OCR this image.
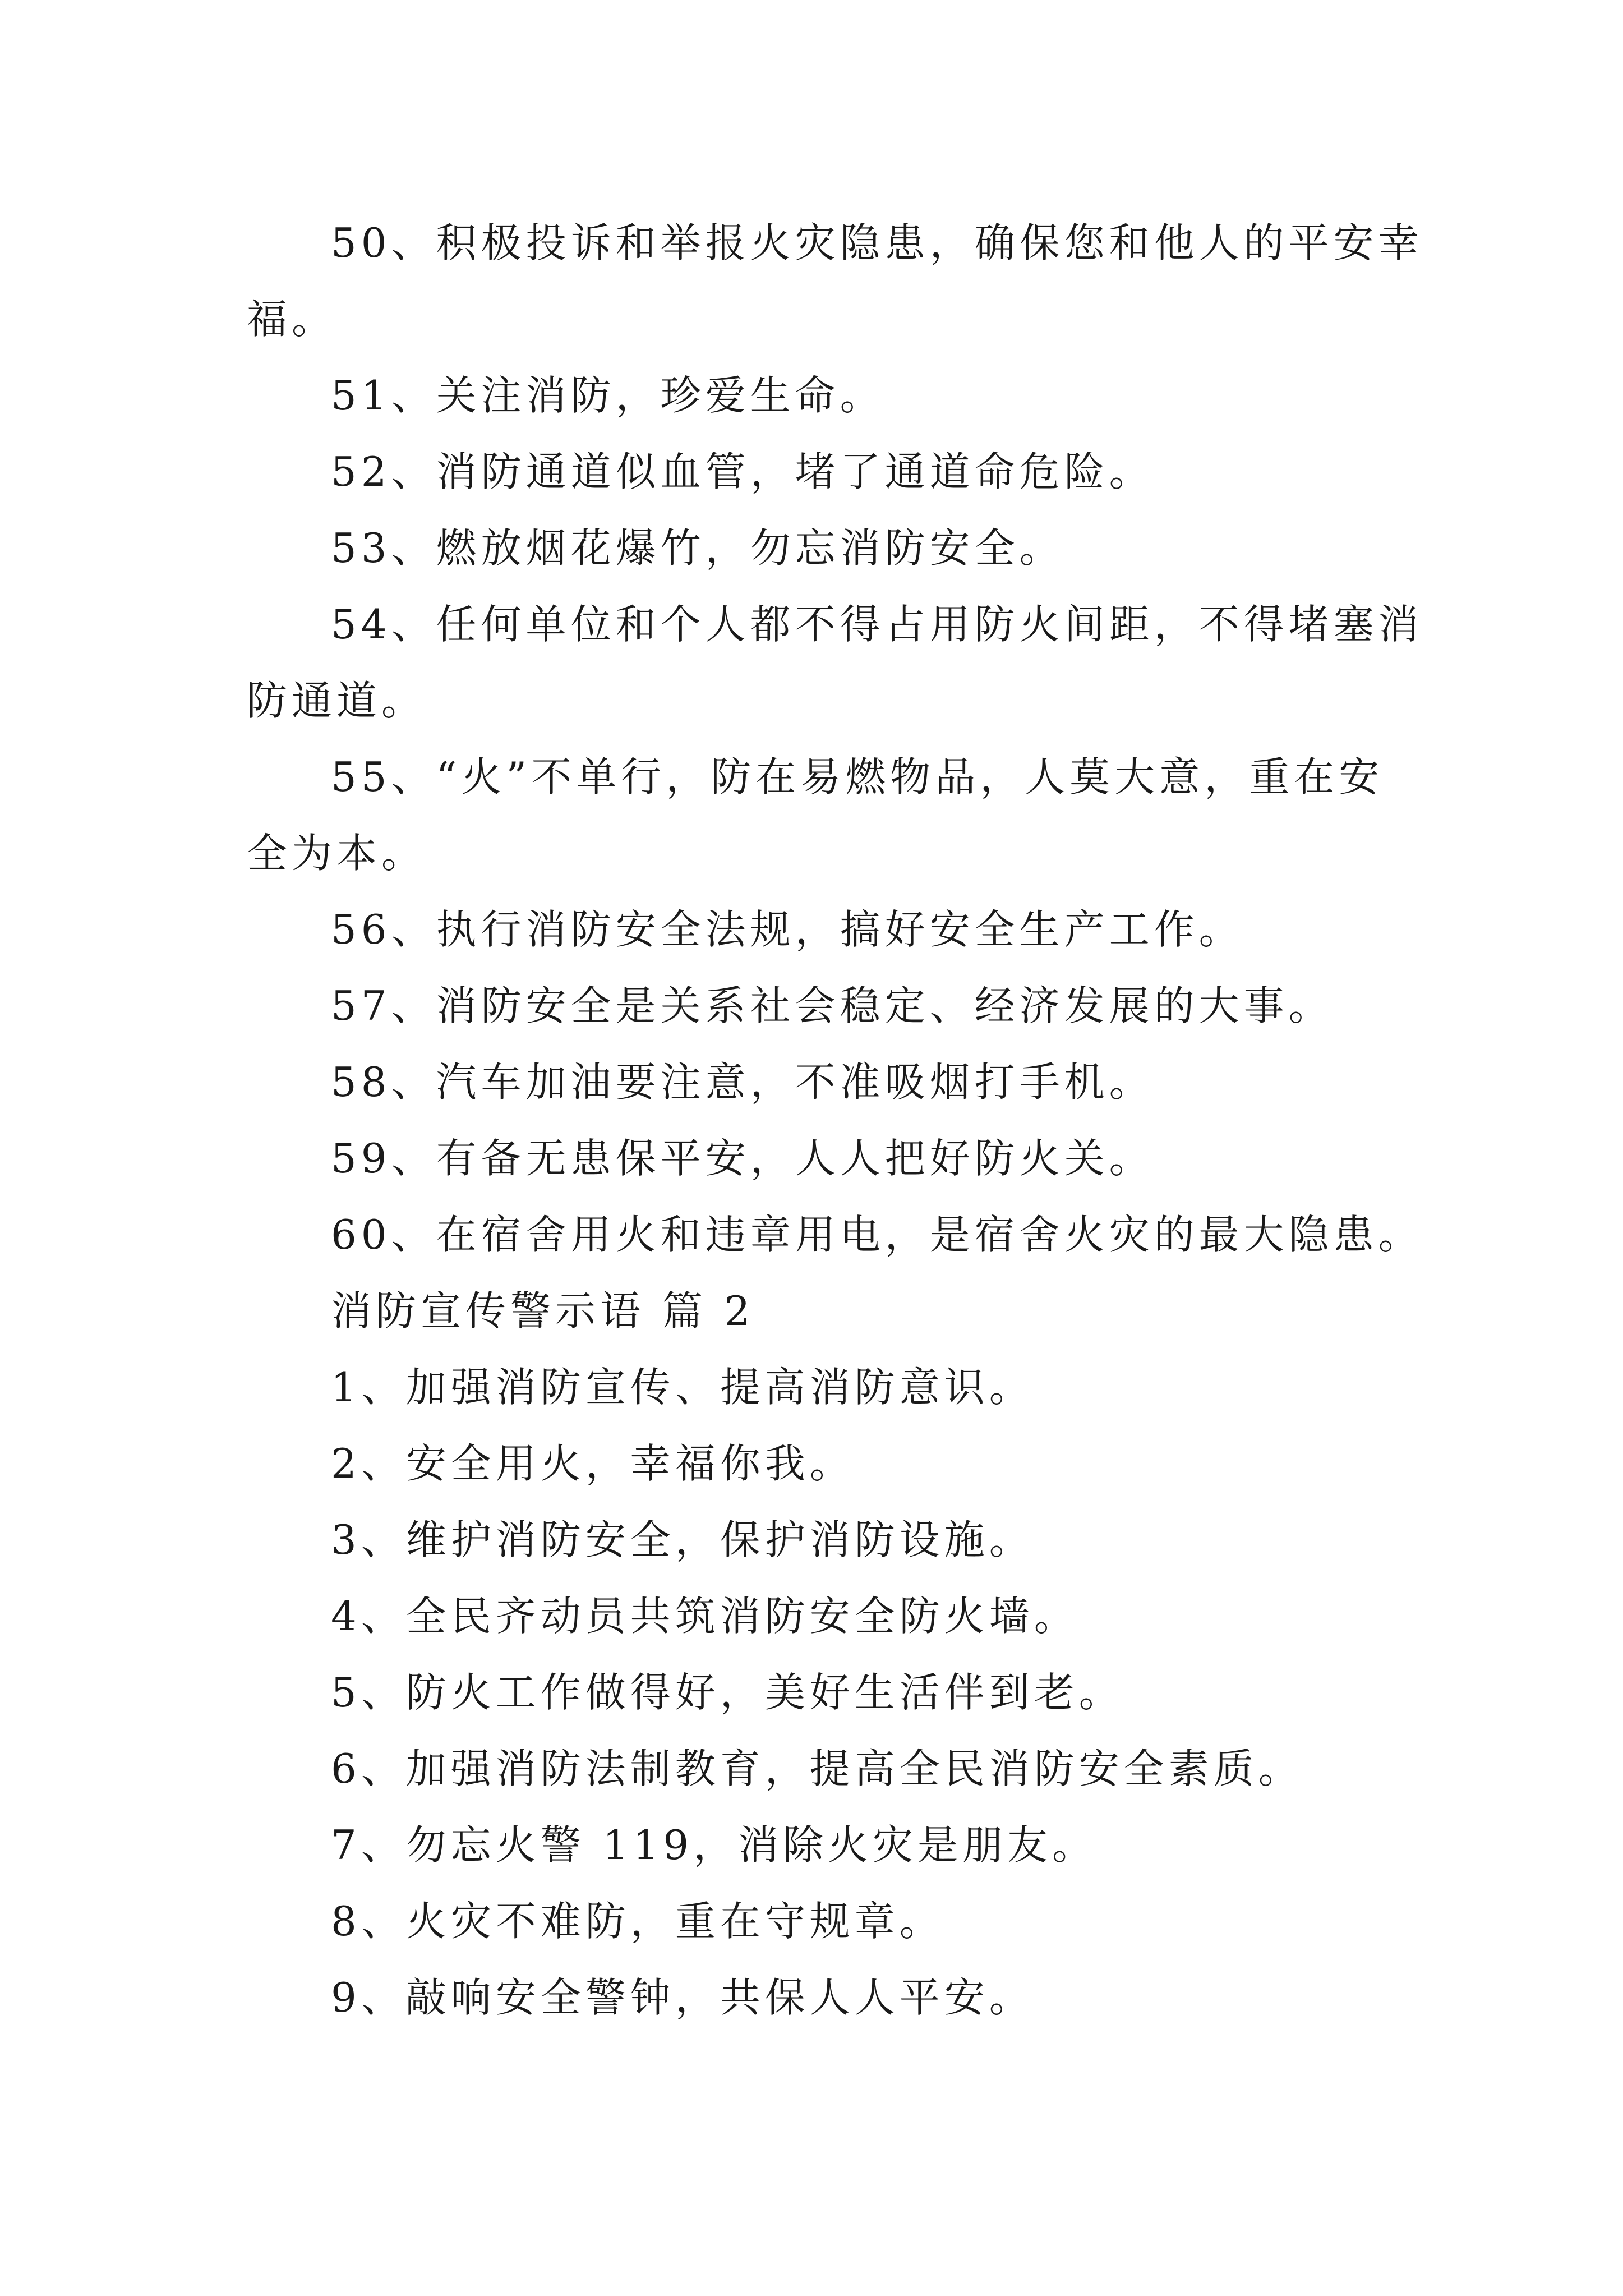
50、积极投诉和举报火灾隐患，确保您和他人的平安幸
福。
51、关注消防，珍爱生命。
52、消防通道似血管，堵了通道命危险。
53、燃放烟花爆竹，勿忘消防安全。
54、任何单位和个人都不得占用防火间距，不得堵塞消
防通道。
55、“火”不单行，防在易燃物品，人莫大意，重在安
全为本。
56、执行消防安全法规，搞好安全生产工作。
57、消防安全是关系社会稳定、经济发展的大事。
58、汽车加油要注意，不准吸烟打手机。
59、有备无患保平安，人人把好防火关。
60、在宿舍用火和违章用电，是宿舍火灾的最大隐患。
消防宣传警示语 篇 2
1、加强消防宣传、提高消防意识。
2、安全用火，幸福你我。
3、维护消防安全，保护消防设施。
4、全民齐动员共筑消防安全防火墙。
5、防火工作做得好，美好生活伴到老。
6、加强消防法制教育，提高全民消防安全素质。
7、勿忘火警 119，消除火灾是朋友。
8、火灾不难防，重在守规章。
9、敲响安全警钟，共保人人平安。
